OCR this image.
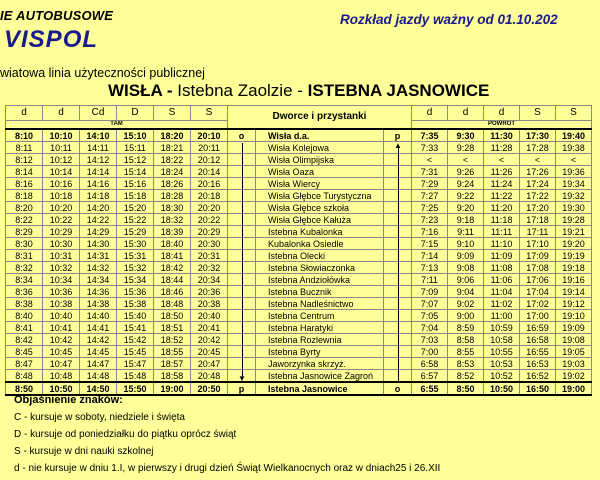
IE AUTOBUSOWE
VISPOL
Rozkład jazdy ważny od 01.10.202
wiatowa linia użyteczności publicznej
WISŁA - Istebna Zaolzie - ISTEBNA JASNOWICE
d	d	Cd	D	S	S	Dworce i przystanki			d	d	d	S	S
TAM									POWRÓT				
8:10	10:10	14:10	15:10	18:20	20:10	o	Wisła d.a.	p	7:35	9:30	11:30	17:30	19:40
8:11	10:11	14:11	15:11	18:21	20:11		Wisła Kolejowa		7:33	9:28	11:28	17:28	19:38
8:12	10:12	14:12	15:12	18:22	20:12		Wisła Olimpijska		<	<	<	<	<
8:14	10:14	14:14	15:14	18:24	20:14		Wisła Oaza		7:31	9:26	11:26	17:26	19:36
8:16	10:16	14:16	15:16	18:26	20:16		Wisła Wiercy		7:29	9:24	11:24	17:24	19:34
8:18	10:18	14:18	15:18	18:28	20:18		Wisła Głębce Turystyczna		7:27	9:22	11:22	17:22	19:32
8:20	10:20	14:20	15:20	18:30	20:20		Wisła Głębce szkoła		7:25	9:20	11:20	17:20	19:30
8:22	10:22	14:22	15:22	18:32	20:22		Wisła Głębce Kałuża		7:23	9:18	11:18	17:18	19:28
8:29	10:29	14:29	15:29	18:39	20:29		Istebna Kubalonka		7:16	9:11	11:11	17:11	19:21
8:30	10:30	14:30	15:30	18:40	20:30		Kubalonka Osiedle		7:15	9:10	11:10	17:10	19:20
8:31	10:31	14:31	15:31	18:41	20:31		Istebna Olecki		7:14	9:09	11:09	17:09	19:19
8:32	10:32	14:32	15:32	18:42	20:32		Istebna Słowiaczonka		7:13	9:08	11:08	17:08	19:18
8:34	10:34	14:34	15:34	18:44	20:34		Istebna Andziołówka		7:11	9:06	11:06	17:06	19:16
8:36	10:36	14:36	15:36	18:46	20:36		Istebna Bucznik		7:09	9:04	11:04	17:04	19:14
8:38	10:38	14:38	15:38	18:48	20:38		Istebna Nadleśnictwo		7:07	9:02	11:02	17:02	19:12
8:40	10:40	14:40	15:40	18:50	20:40		Istebna Centrum		7:05	9:00	11:00	17:00	19:10
8:41	10:41	14:41	15:41	18:51	20:41		Istebna Haratyki		7:04	8:59	10:59	16:59	19:09
8:42	10:42	14:42	15:42	18:52	20:42		Istebna Rozlewnia		7:03	8:58	10:58	16:58	19:08
8:45	10:45	14:45	15:45	18:55	20:45		Istebna Byrty		7:00	8:55	10:55	16:55	19:05
8:47	10:47	14:47	15:47	18:57	20:47		Jaworzynka skrzyż.		6:58	8:53	10:53	16:53	19:03
8:48	10:48	14:48	15:48	18:58	20:48		Istebna Jasnowice Zagroń		6:57	8:52	10:52	16:52	19:02
8:50	10:50	14:50	15:50	19:00	20:50	p	Istebna Jasnowice	o	6:55	8:50	10:50	16:50	19:00
Objaśnienie znaków:
C - kursuje w soboty, niedziele i święta
D - kursuje od poniedziałku do piątku oprócz świąt
S - kursuje w dni nauki szkolnej
d - nie kursuje w dniu 1.I, w pierwszy i drugi dzień Świąt Wielkanocnych oraz w dniach25 i 26.XII
▼
▲
